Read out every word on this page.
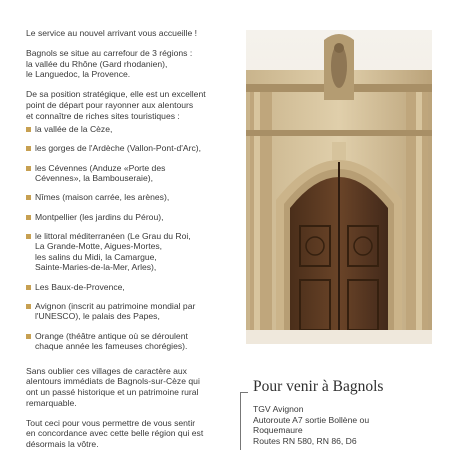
Le service au nouvel arrivant vous accueille !

Bagnols se situe au carrefour de 3 régions :
la vallée du Rhône (Gard rhodanien),
le Languedoc, la Provence.

De sa position stratégique, elle est un excellent
point de départ pour rayonner aux alentours
et connaître de riches sites touristiques :

la vallée de la Cèze,
les gorges de l'Ardèche (Vallon-Pont-d'Arc),
les Cévennes (Anduze «Porte des
Cévennes», la Bambouseraie),
Nîmes (maison carrée, les arènes),
Montpellier (les jardins du Pérou),
le littoral méditerranéen (Le Grau du Roi,
La Grande-Motte, Aigues-Mortes,
les salins du Midi, la Camargue,
Sainte-Maries-de-la-Mer, Arles),
Les Baux-de-Provence,
Avignon (inscrit au patrimoine mondial par
l'UNESCO), le palais des Papes,
Orange (théâtre antique où se déroulent
chaque année les fameuses chorégies).

Sans oublier ces villages de caractère aux
alentours immédiats de Bagnols-sur-Cèze qui
ont un passé historique et un patrimoine rural
remarquable.

Tout ceci pour vous permettre de vous sentir
en concordance avec cette belle région qui est
désormais la vôtre.

Pour venir à Bagnols
TGV Avignon
Autoroute A7 sortie Bollène ou
Roquemaure
Routes RN 580, RN 86, D6
